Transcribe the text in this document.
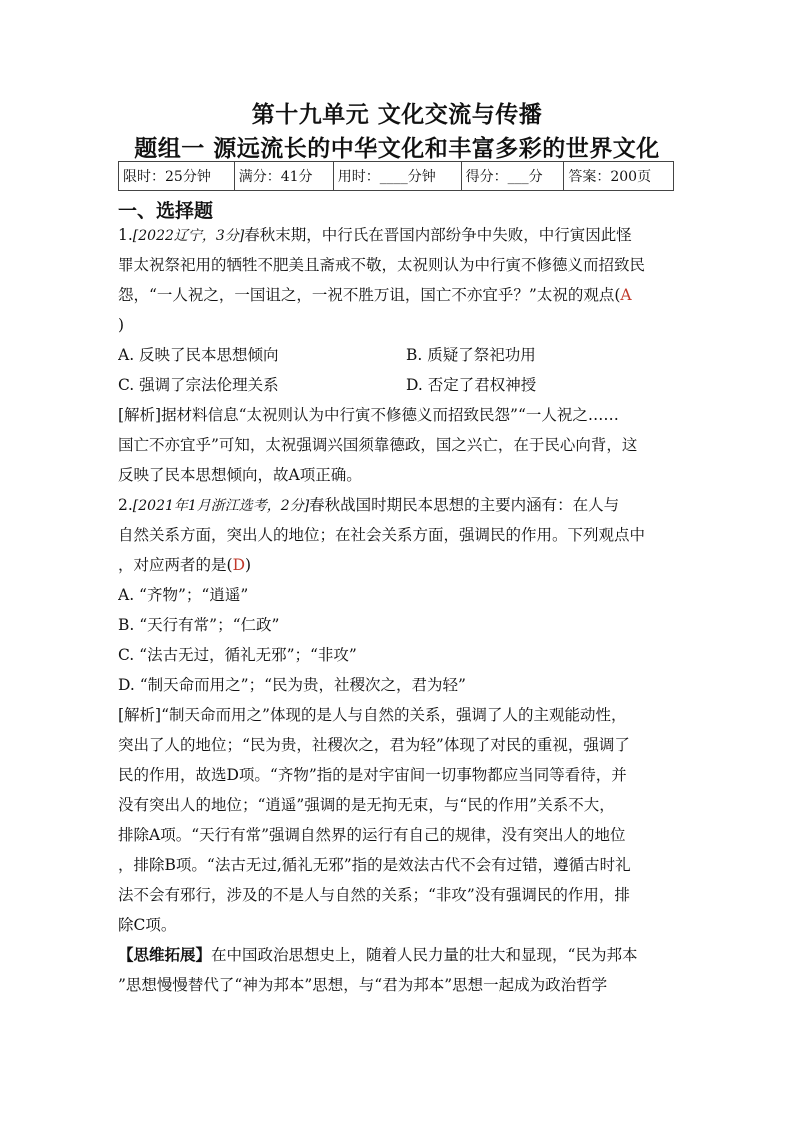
第十九单元 文化交流与传播
题组一 源远流长的中华文化和丰富多彩的世界文化
限时：25分钟	满分：41分	用时：____分钟	得分：___分	答案：200页
一、选择题
1.[2022辽宁，3分]春秋末期，中行氏在晋国内部纷争中失败，中行寅因此怪
罪太祝祭祀用的牺牲不肥美且斋戒不敬，太祝则认为中行寅不修德义而招致民
怨，“一人祝之，一国诅之，一祝不胜万诅，国亡不亦宜乎？”太祝的观点(A
)
A. 反映了民本思想倾向	B. 质疑了祭祀功用
C. 强调了宗法伦理关系	D. 否定了君权神授
[解析]据材料信息“太祝则认为中行寅不修德义而招致民怨”“一人祝之……
国亡不亦宜乎”可知，太祝强调兴国须靠德政，国之兴亡，在于民心向背，这
反映了民本思想倾向，故A项正确。
2.[2021年1月浙江选考，2分]春秋战国时期民本思想的主要内涵有：在人与
自然关系方面，突出人的地位；在社会关系方面，强调民的作用。下列观点中
，对应两者的是(D)
A. “齐物”；“逍遥”
B. “天行有常”；“仁政”
C. “法古无过，循礼无邪”；“非攻”
D. “制天命而用之”；“民为贵，社稷次之，君为轻”
[解析]“制天命而用之”体现的是人与自然的关系，强调了人的主观能动性，
突出了人的地位；“民为贵，社稷次之，君为轻”体现了对民的重视，强调了
民的作用，故选D项。“齐物”指的是对宇宙间一切事物都应当同等看待，并
没有突出人的地位；“逍遥”强调的是无拘无束，与“民的作用”关系不大，
排除A项。“天行有常”强调自然界的运行有自己的规律，没有突出人的地位
，排除B项。“法古无过,循礼无邪”指的是效法古代不会有过错，遵循古时礼
法不会有邪行，涉及的不是人与自然的关系；“非攻”没有强调民的作用，排
除C项。
【思维拓展】在中国政治思想史上，随着人民力量的壮大和显现，“民为邦本
”思想慢慢替代了“神为邦本”思想，与“君为邦本”思想一起成为政治哲学
